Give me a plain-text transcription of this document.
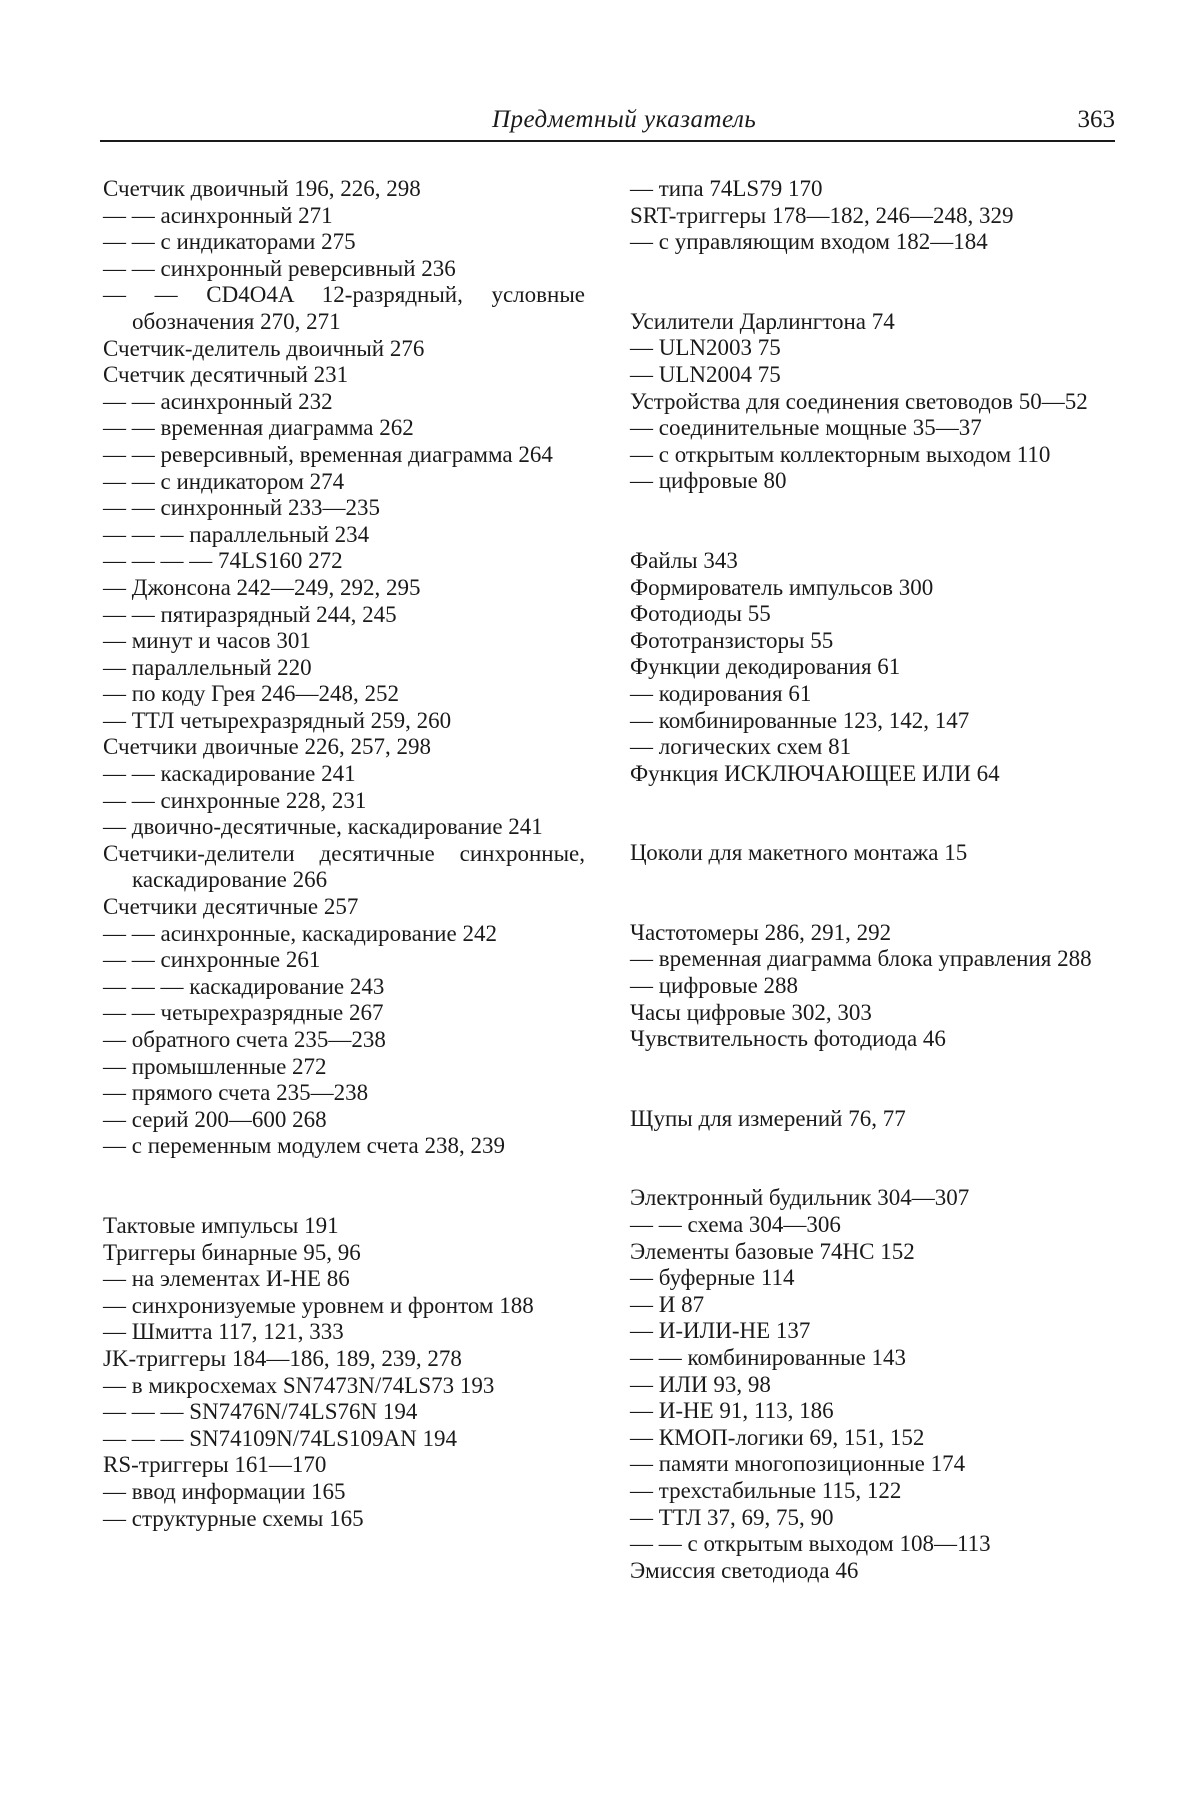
Предметный указатель	363
Счетчик двоичный 196, 226, 298
— — асинхронный 271
— — с индикаторами 275
— — синхронный реверсивный 236
— — CD4O4A 12-разрядный, условные обозначения 270, 271
Счетчик-делитель двоичный 276
Счетчик десятичный 231
— — асинхронный 232
— — временная диаграмма 262
— — реверсивный, временная диаграмма 264
— — с индикатором 274
— — синхронный 233—235
— — — параллельный 234
— — — — 74LS160 272
— Джонсона 242—249, 292, 295
— — пятиразрядный 244, 245
— минут и часов 301
— параллельный 220
— по коду Грея 246—248, 252
— ТТЛ четырехразрядный 259, 260
Счетчики двоичные 226, 257, 298
— — каскадирование 241
— — синхронные 228, 231
— двоично-десятичные, каскадирование 241
Счетчики-делители десятичные синхронные, каскадирование 266
Счетчики десятичные 257
— — асинхронные, каскадирование 242
— — синхронные 261
— — — каскадирование 243
— — четырехразрядные 267
— обратного счета 235—238
— промышленные 272
— прямого счета 235—238
— серий 200—600 268
— с переменным модулем счета 238, 239
Тактовые импульсы 191
Триггеры бинарные 95, 96
— на элементах И-НЕ 86
— синхронизуемые уровнем и фронтом 188
— Шмитта 117, 121, 333
JK-триггеры 184—186, 189, 239, 278
— в микросхемах SN7473N/74LS73 193
— — — SN7476N/74LS76N 194
— — — SN74109N/74LS109AN 194
RS-триггеры 161—170
— ввод информации 165
— структурные схемы 165
— типа 74LS79 170
SRT-триггеры 178—182, 246—248, 329
— с управляющим входом 182—184
Усилители Дарлингтона 74
— ULN2003 75
— ULN2004 75
Устройства для соединения световодов 50—52
— соединительные мощные 35—37
— с открытым коллекторным выходом 110
— цифровые 80
Файлы 343
Формирователь импульсов 300
Фотодиоды 55
Фототранзисторы 55
Функции декодирования 61
— кодирования 61
— комбинированные 123, 142, 147
— логических схем 81
Функция ИСКЛЮЧАЮЩЕЕ ИЛИ 64
Цоколи для макетного монтажа 15
Частотомеры 286, 291, 292
— временная диаграмма блока управления 288
— цифровые 288
Часы цифровые 302, 303
Чувствительность фотодиода 46
Щупы для измерений 76, 77
Электронный будильник 304—307
— — схема 304—306
Элементы базовые 74НС 152
— буферные 114
— И 87
— И-ИЛИ-НЕ 137
— — комбинированные 143
— ИЛИ 93, 98
— И-НЕ 91, 113, 186
— КМОП-логики 69, 151, 152
— памяти многопозиционные 174
— трехстабильные 115, 122
— ТТЛ 37, 69, 75, 90
— — с открытым выходом 108—113
Эмиссия светодиода 46
